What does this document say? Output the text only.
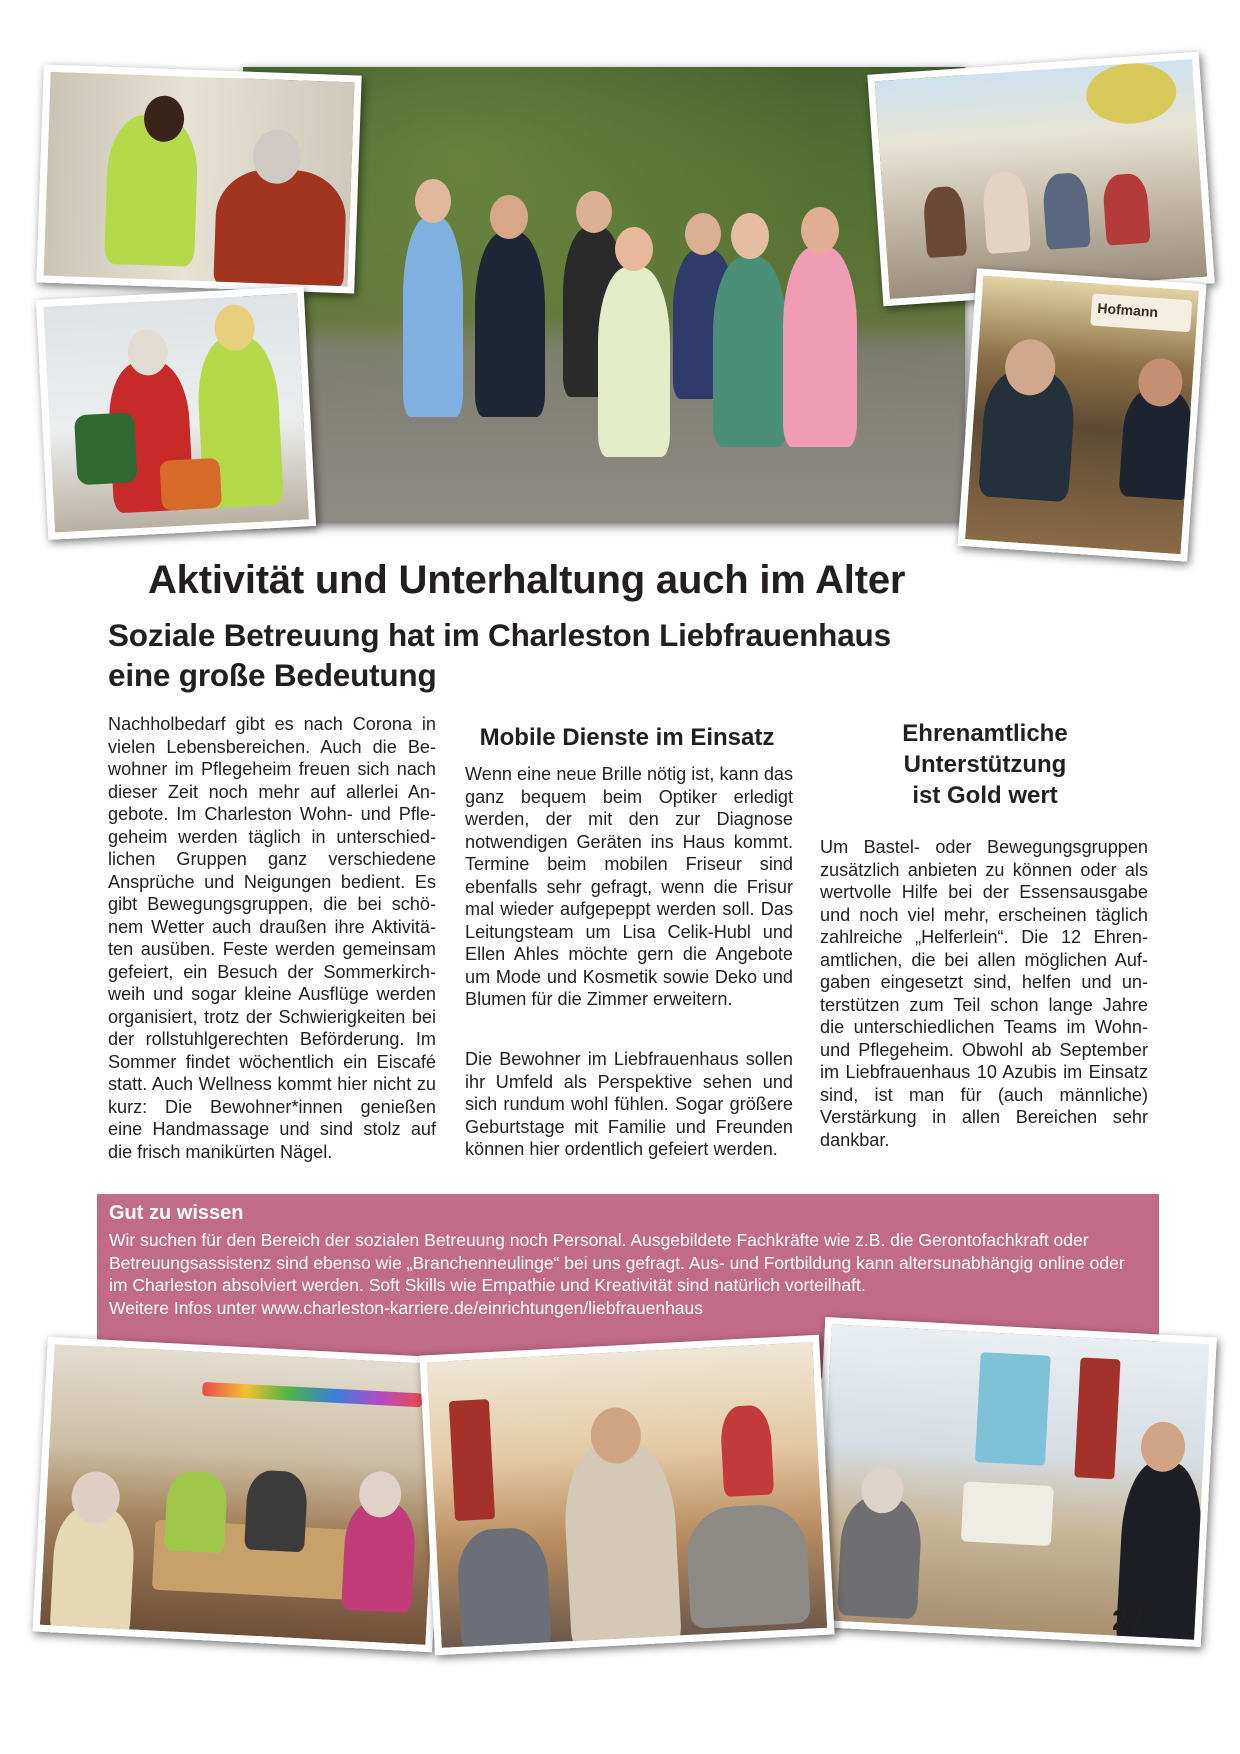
Hofmann
Aktivität und Unterhaltung auch im Alter
Soziale Betreuung hat im Charleston Liebfrauenhaus
eine große Bedeutung

Nachholbedarf gibt es nach Corona in vielen Lebensbereichen. Auch die Bewohner im Pflegeheim freuen sich nach dieser Zeit noch mehr auf allerlei Angebote. Im Charleston Wohn- und Pflegeheim werden täglich in unterschiedlichen Gruppen ganz verschiedene Ansprüche und Neigungen bedient. Es gibt Bewegungsgruppen, die bei schönem Wetter auch draußen ihre Aktivitäten ausüben. Feste werden gemeinsam gefeiert, ein Besuch der Sommerkirchweih und sogar kleine Ausflüge werden organisiert, trotz der Schwierigkeiten bei der rollstuhlgerechten Beförderung. Im Sommer findet wöchentlich ein Eiscafé statt. Auch Wellness kommt hier nicht zu kurz: Die Bewohner*innen genießen eine Handmassage und sind stolz auf die frisch manikürten Nägel.

Mobile Dienste im Einsatz

Wenn eine neue Brille nötig ist, kann das ganz bequem beim Optiker erledigt werden, der mit den zur Diagnose notwendigen Geräten ins Haus kommt. Termine beim mobilen Friseur sind ebenfalls sehr gefragt, wenn die Frisur mal wieder aufgepeppt werden soll. Das Leitungsteam um Lisa Celik-Hubl und Ellen Ahles möchte gern die Angebote um Mode und Kosmetik sowie Deko und Blumen für die Zimmer erweitern.

Die Bewohner im Liebfrauenhaus sollen ihr Umfeld als Perspektive sehen und sich rundum wohl fühlen. Sogar größere Geburtstage mit Familie und Freunden können hier ordentlich gefeiert werden.

Ehrenamtliche
Unterstützung
ist Gold wert

Um Bastel- oder Bewegungsgruppen zusätzlich anbieten zu können oder als wertvolle Hilfe bei der Essensausgabe und noch viel mehr, erscheinen täglich zahlreiche „Helferlein“. Die 12 Ehrenamtlichen, die bei allen möglichen Aufgaben eingesetzt sind, helfen und unterstützen zum Teil schon lange Jahre die unterschiedlichen Teams im Wohn- und Pflegeheim. Obwohl ab September im Liebfrauenhaus 10 Azubis im Einsatz sind, ist man für (auch männliche) Verstärkung in allen Bereichen sehr dankbar.

Gut zu wissen

Wir suchen für den Bereich der sozialen Betreuung noch Personal. Ausgebildete Fachkräfte wie z.B. die Gerontofachkraft oder Betreuungsassistenz sind ebenso wie „Branchenneulinge“ bei uns gefragt. Aus- und Fortbildung kann altersunabhängig online oder im Charleston absolviert werden. Soft Skills wie Empathie und Kreativität sind natürlich vorteilhaft.

Weitere Infos unter www.charleston-karriere.de/einrichtungen/liebfrauenhaus

27
